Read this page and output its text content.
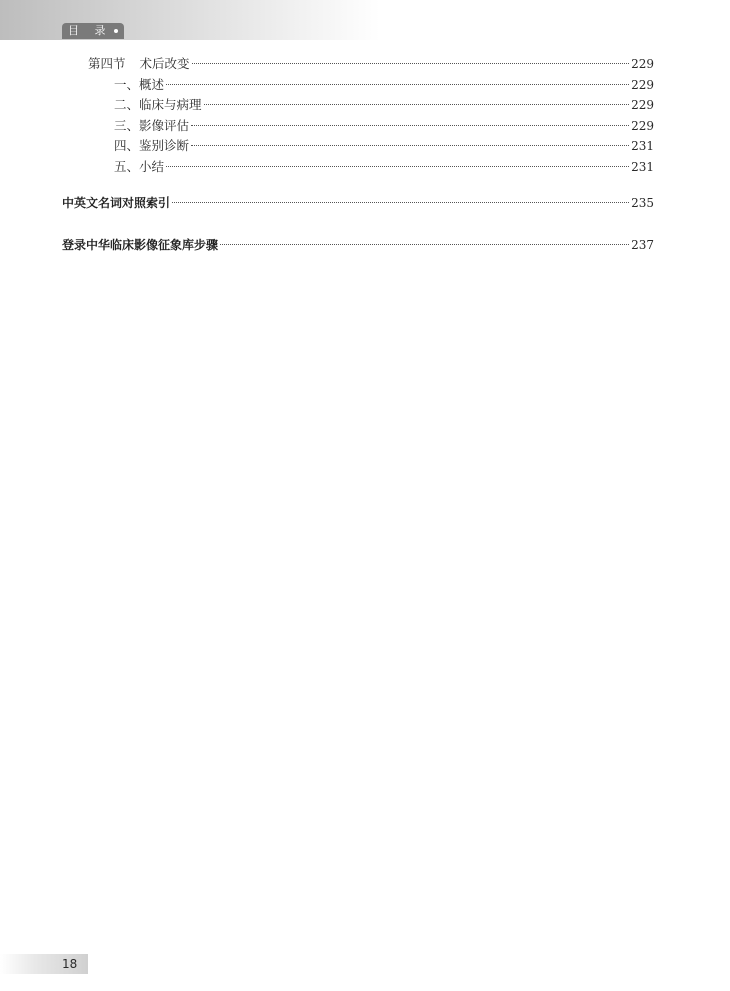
目 录
第四节 术后改变	229
一、概述	229
二、临床与病理	229
三、影像评估	229
四、鉴别诊断	231
五、小结	231
中英文名词对照索引	235
登录中华临床影像征象库步骤	237
18
